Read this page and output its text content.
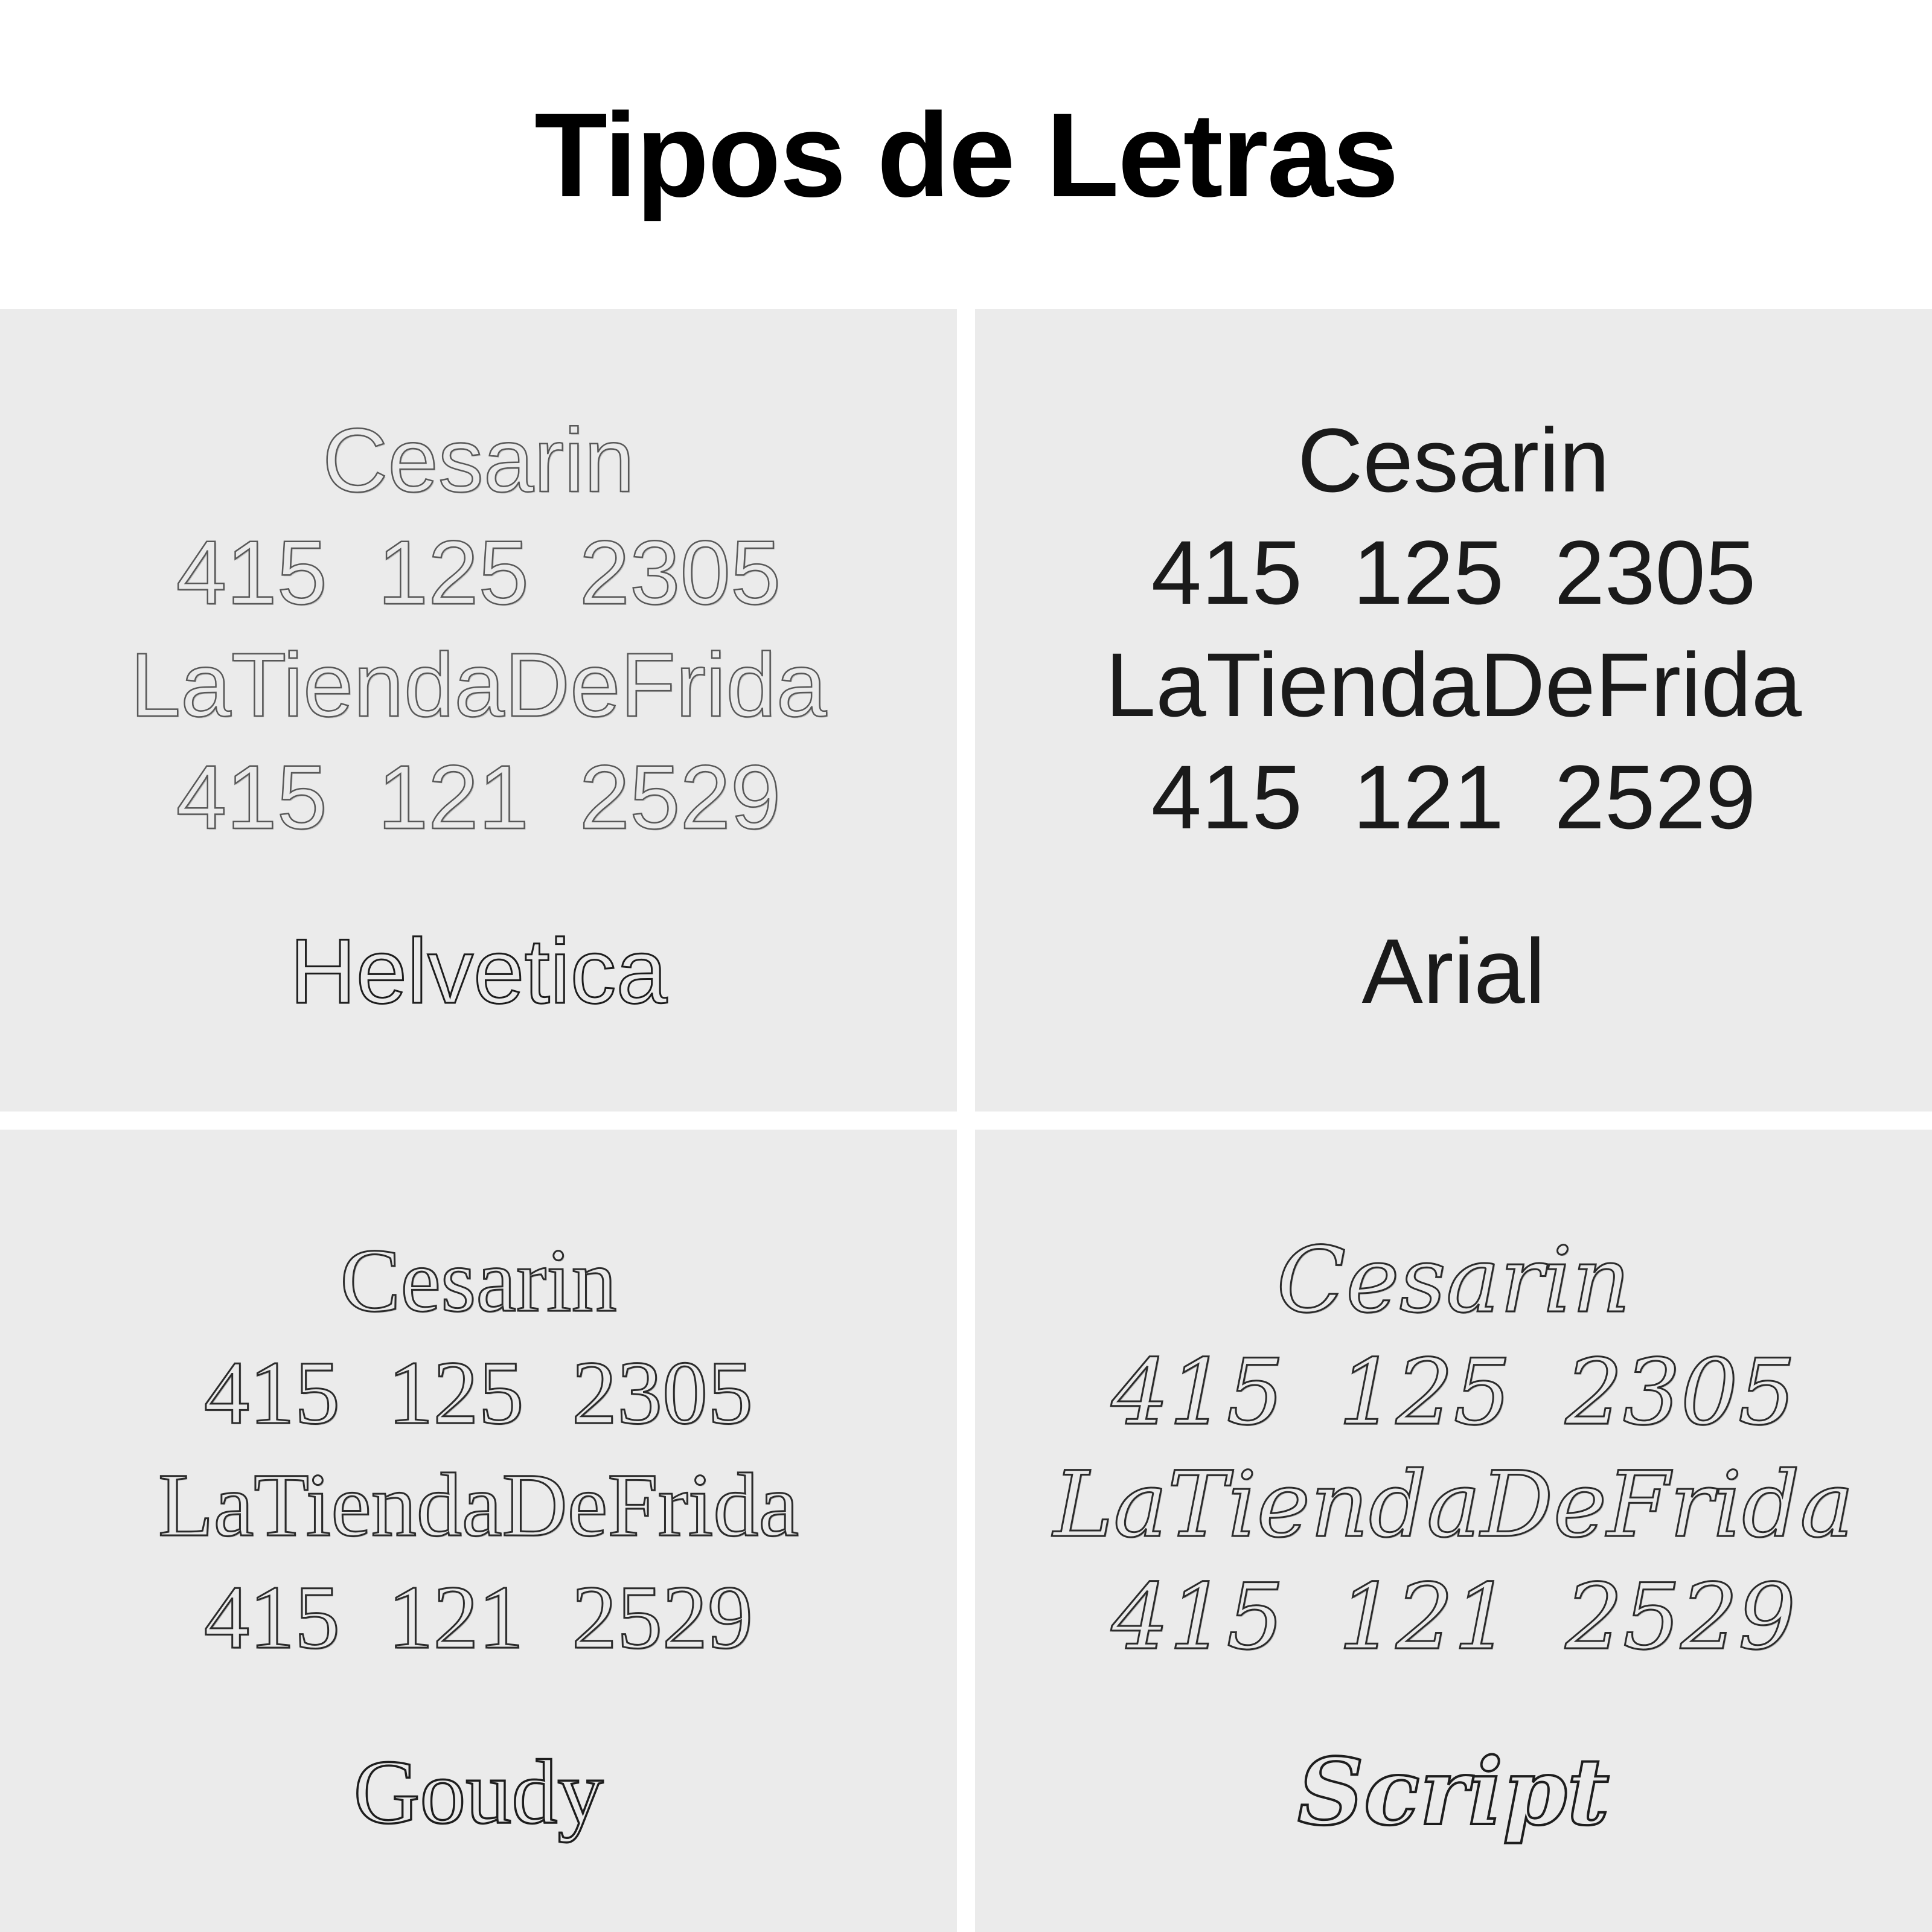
Tipos de Letras
Cesarin
415 125 2305
LaTiendaDeFrida
415 121 2529
Helvetica
Cesarin
415 125 2305
LaTiendaDeFrida
415 121 2529
Arial
Cesarin
415 125 2305
LaTiendaDeFrida
415 121 2529
Goudy
Cesarin
415 125 2305
LaTiendaDeFrida
415 121 2529
Script
